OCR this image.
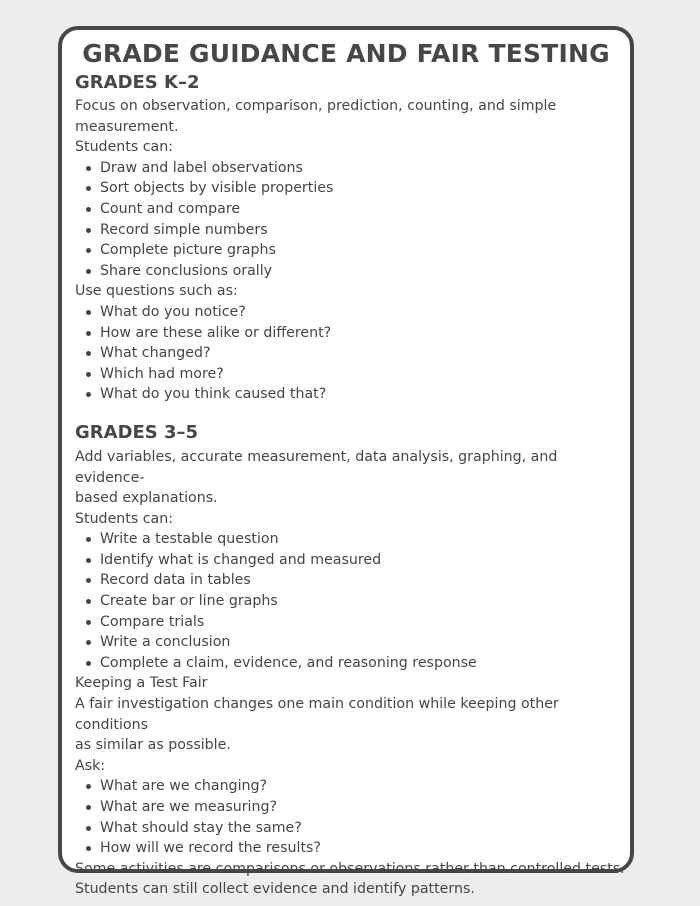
GRADE GUIDANCE AND FAIR TESTING
GRADES K–2

Focus on observation, comparison, prediction, counting, and simple

measurement.

Students can:

Draw and label observations
Sort objects by visible properties
Count and compare
Record simple numbers
Complete picture graphs
Share conclusions orally

Use questions such as:

What do you notice?
How are these alike or different?
What changed?
Which had more?
What do you think caused that?
GRADES 3–5

Add variables, accurate measurement, data analysis, graphing, and evidence-

based explanations.

Students can:

Write a testable question
Identify what is changed and measured
Record data in tables
Create bar or line graphs
Compare trials
Write a conclusion
Complete a claim, evidence, and reasoning response

Keeping a Test Fair

A fair investigation changes one main condition while keeping other conditions

as similar as possible.

Ask:

What are we changing?
What are we measuring?
What should stay the same?
How will we record the results?

Some activities are comparisons or observations rather than controlled tests.

Students can still collect evidence and identify patterns.
